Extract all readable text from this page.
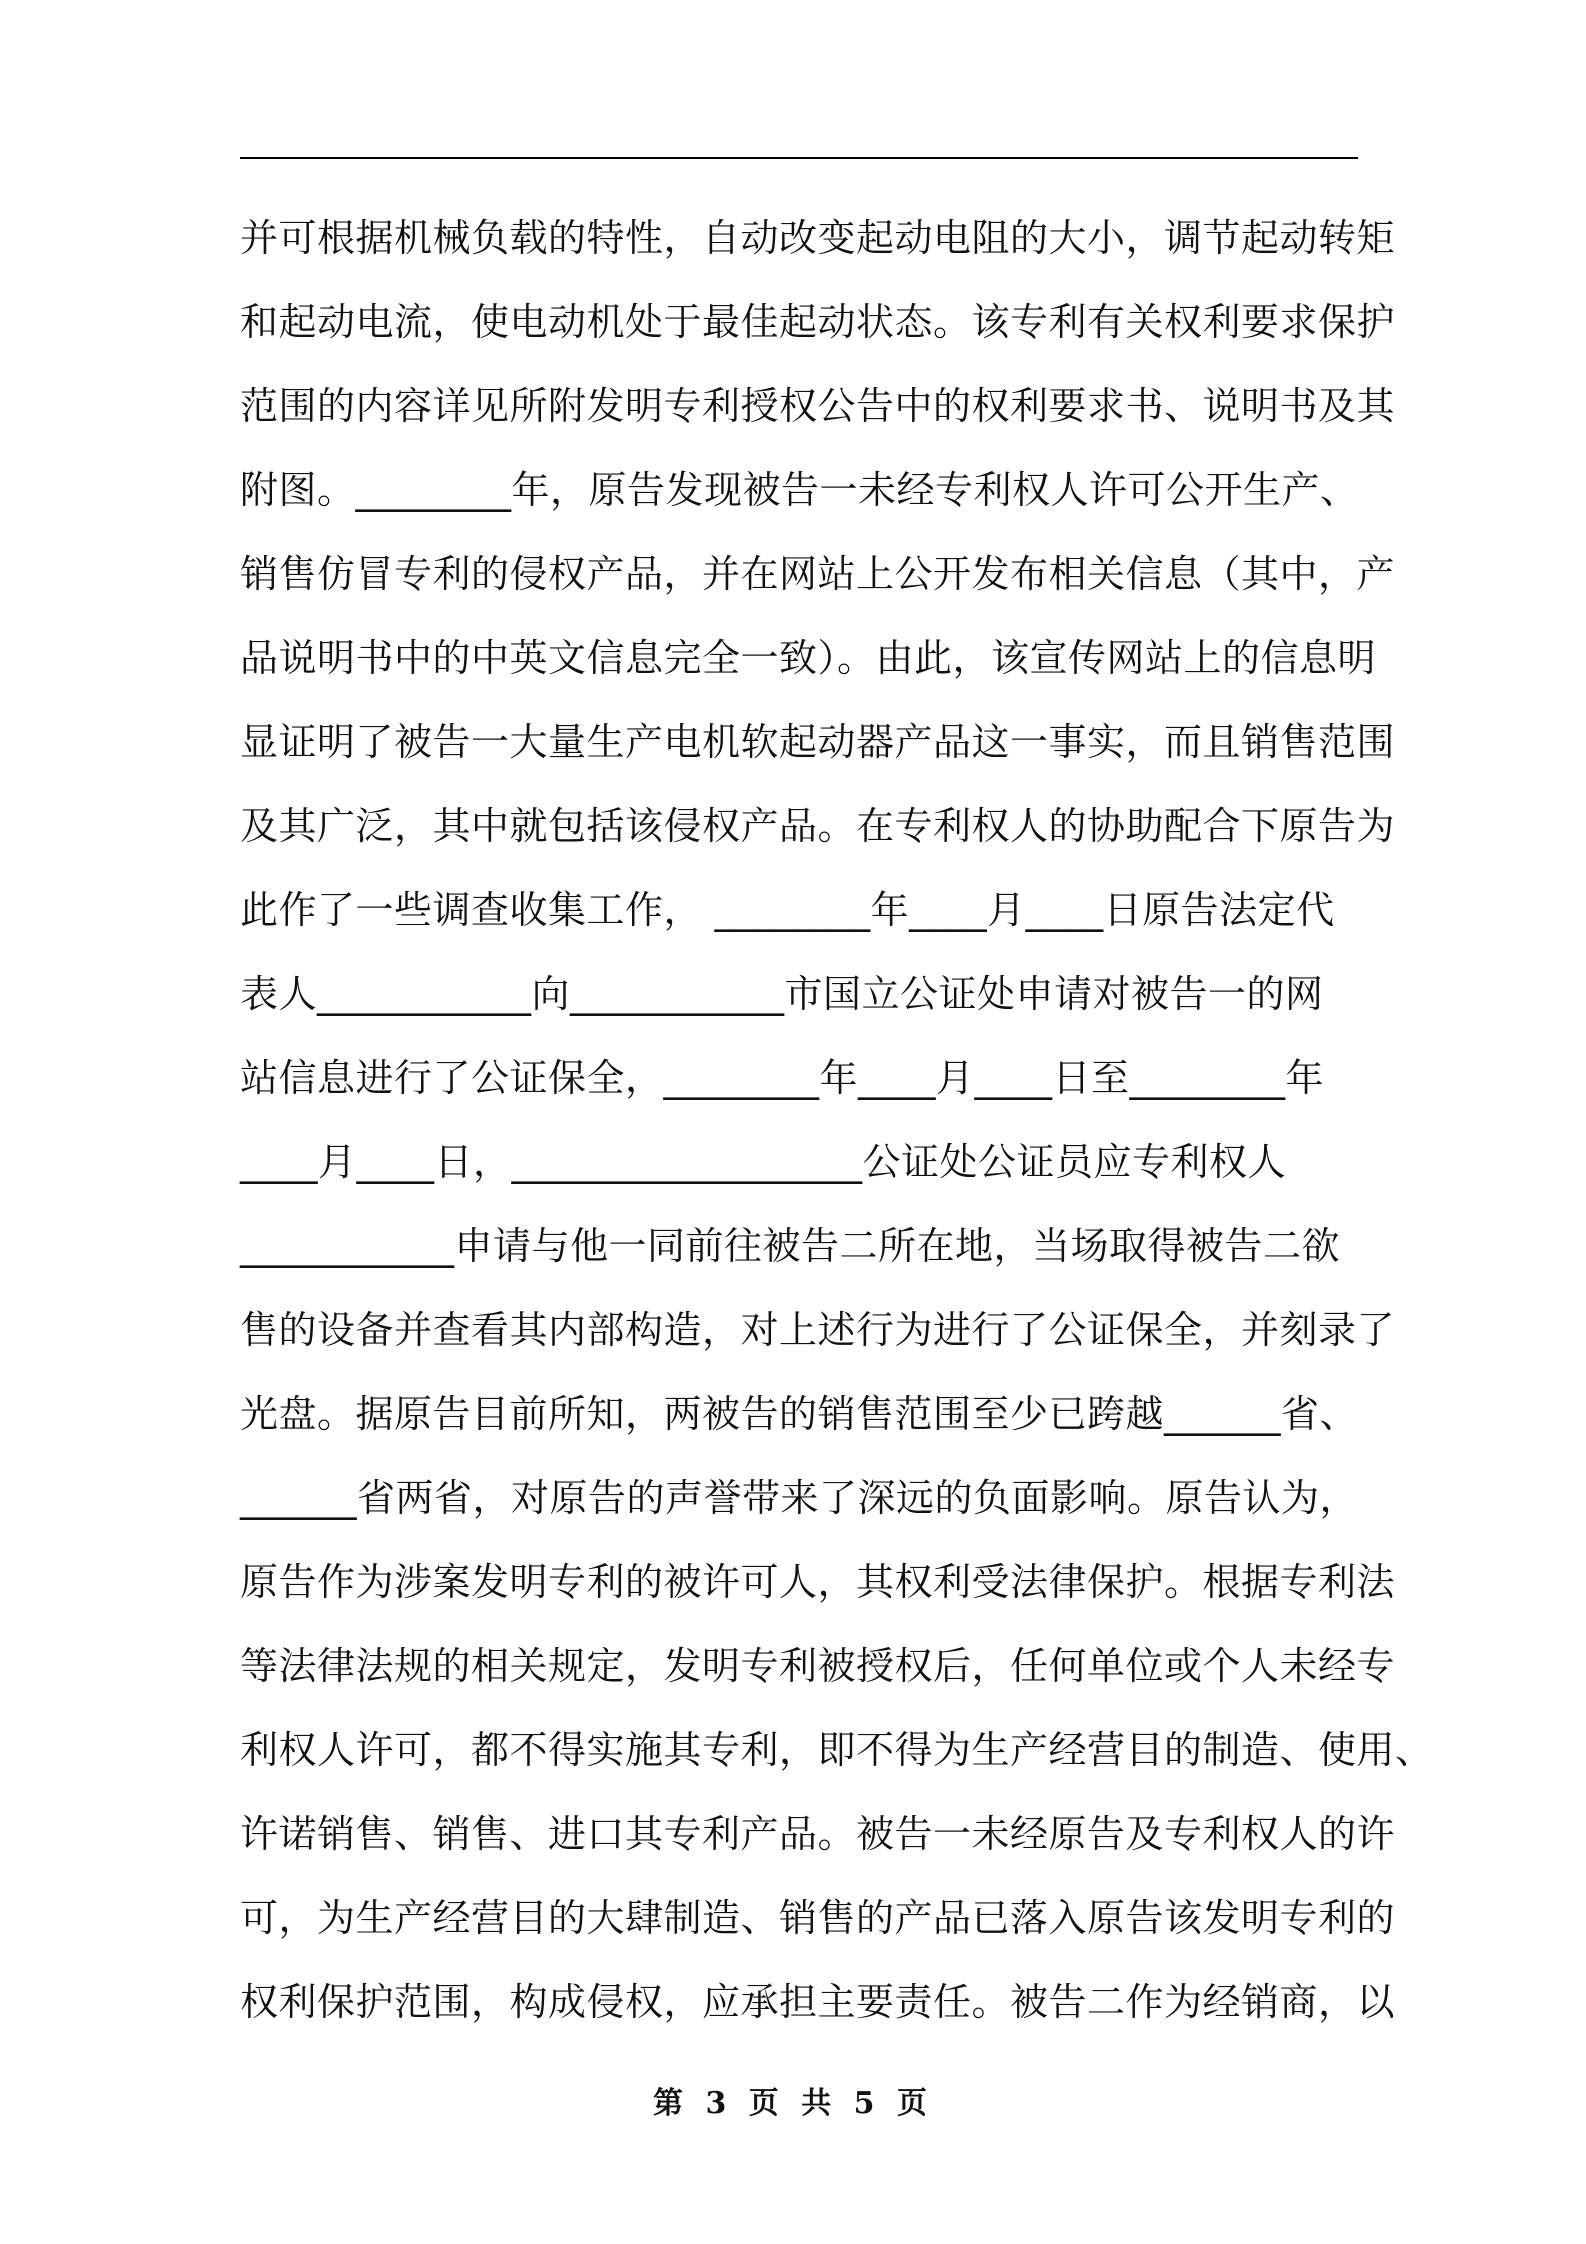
并可根据机械负载的特性，自动改变起动电阻的大小，调节起动转矩
和起动电流，使电动机处于最佳起动状态。该专利有关权利要求保护
范围的内容详见所附发明专利授权公告中的权利要求书、说明书及其
附图。________年，原告发现被告一未经专利权人许可公开生产、
销售仿冒专利的侵权产品，并在网站上公开发布相关信息（其中，产
品说明书中的中英文信息完全一致）。由此，该宣传网站上的信息明
显证明了被告一大量生产电机软起动器产品这一事实，而且销售范围
及其广泛，其中就包括该侵权产品。在专利权人的协助配合下原告为
此作了一些调查收集工作， ________年____月____日原告法定代
表人___________向___________市国立公证处申请对被告一的网
站信息进行了公证保全，________年____月____日至________年
____月____日，__________________公证处公证员应专利权人
___________申请与他一同前往被告二所在地，当场取得被告二欲
售的设备并查看其内部构造，对上述行为进行了公证保全，并刻录了
光盘。据原告目前所知，两被告的销售范围至少已跨越______省、
______省两省，对原告的声誉带来了深远的负面影响。原告认为，
原告作为涉案发明专利的被许可人，其权利受法律保护。根据专利法
等法律法规的相关规定，发明专利被授权后，任何单位或个人未经专
利权人许可，都不得实施其专利，即不得为生产经营目的制造、使用、
许诺销售、销售、进口其专利产品。被告一未经原告及专利权人的许
可，为生产经营目的大肆制造、销售的产品已落入原告该发明专利的
权利保护范围，构成侵权，应承担主要责任。被告二作为经销商，以
第 3 页 共 5 页
